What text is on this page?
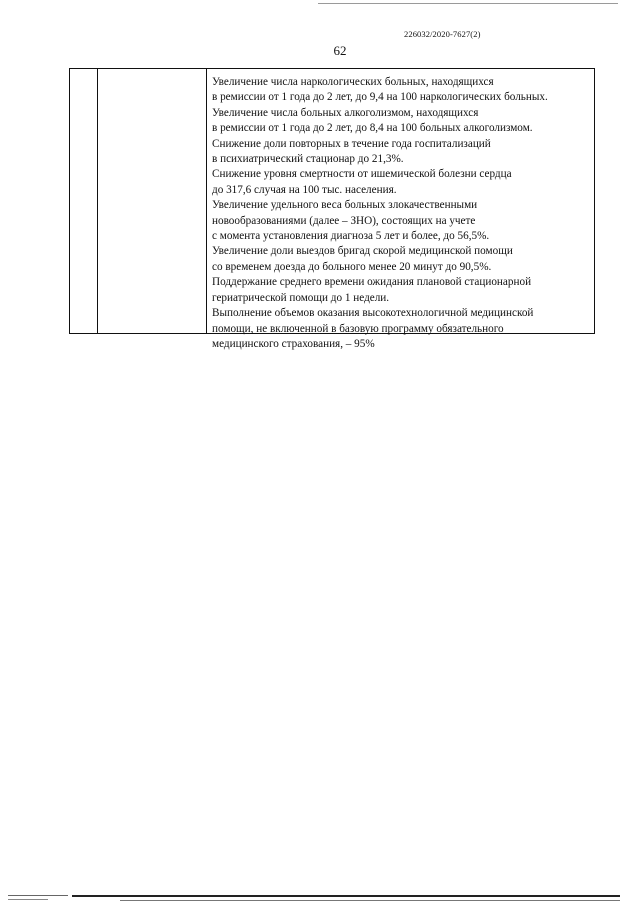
226032/2020-7627(2)
62
Увеличение числа наркологических больных, находящихся
в ремиссии от 1 года до 2 лет, до 9,4 на 100 наркологических больных.
Увеличение числа больных алкоголизмом, находящихся
в ремиссии от 1 года до 2 лет, до 8,4 на 100 больных алкоголизмом.
Снижение доли повторных в течение года госпитализаций
в психиатрический стационар до 21,3%.
Снижение уровня смертности от ишемической болезни сердца
до 317,6 случая на 100 тыс. населения.
Увеличение удельного веса больных злокачественными
новообразованиями (далее – ЗНО), состоящих на учете
с момента установления диагноза 5 лет и более, до 56,5%.
Увеличение доли выездов бригад скорой медицинской помощи
со временем доезда до больного менее 20 минут до 90,5%.
Поддержание среднего времени ожидания плановой стационарной
гериатрической помощи до 1 недели.
Выполнение объемов оказания высокотехнологичной медицинской
помощи, не включенной в базовую программу обязательного
медицинского страхования, – 95%
